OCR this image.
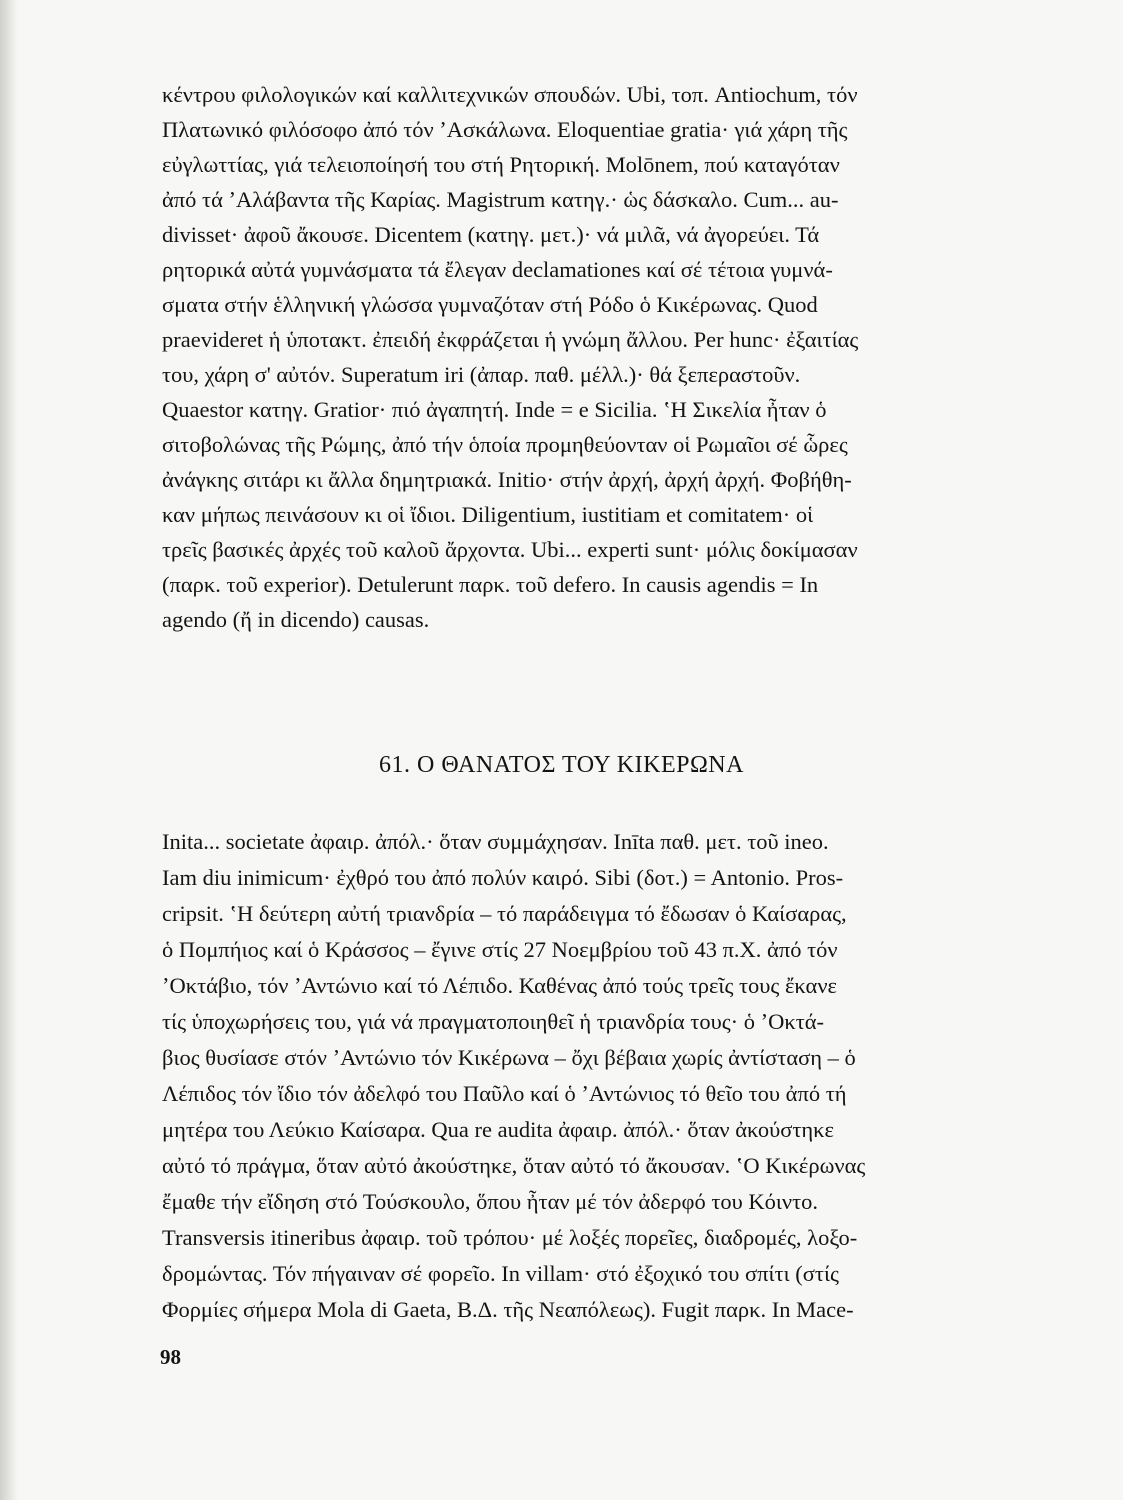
κέντρου φιλολογικών καί καλλιτεχνικών σπουδών. Ubi, τοπ. Antiochum, τόν
Πλατωνικό φιλόσοφο ἀπό τόν ʼΑσκάλωνα. Eloquentiae gratia· γιά χάρη τῆς
εὐγλωττίας, γιά τελειοποίησή του στή Ρητορική. Molōnem, πού καταγόταν
ἀπό τά ʼΑλάβαντα τῆς Καρίας. Magistrum κατηγ.· ὡς δάσκαλο. Cum... au-
divisset· ἀφοῦ ἄκουσε. Dicentem (κατηγ. μετ.)· νά μιλᾶ, νά ἀγορεύει. Τά
ρητορικά αὐτά γυμνάσματα τά ἔλεγαν declamationes καί σέ τέτοια γυμνά-
σματα στήν ἑλληνική γλώσσα γυμναζόταν στή Ρόδο ὁ Κικέρωνας. Quod
praevideret ἡ ὑποτακτ. ἐπειδή ἐκφράζεται ἡ γνώμη ἄλλου. Per hunc· ἐξαιτίας
του, χάρη σ' αὐτόν. Superatum iri (ἀπαρ. παθ. μέλλ.)· θά ξεπεραστοῦν.
Quaestor κατηγ. Gratior· πιό ἀγαπητή. Inde = e Sicilia. ʽΗ Σικελία ἦταν ὁ
σιτοβολώνας τῆς Ρώμης, ἀπό τήν ὁποία προμηθεύονταν οἱ Ρωμαῖοι σέ ὧρες
ἀνάγκης σιτάρι κι ἄλλα δημητριακά. Initio· στήν ἀρχή, ἀρχή ἀρχή. Φοβήθη-
καν μήπως πεινάσουν κι οἱ ἴδιοι. Diligentium, iustitiam et comitatem· οἱ
τρεῖς βασικές ἀρχές τοῦ καλοῦ ἄρχοντα. Ubi... experti sunt· μόλις δοκίμασαν
(παρκ. τοῦ experior). Detulerunt παρκ. τοῦ defero. In causis agendis = In
agendo (ἤ in dicendo) causas.
61. Ο ΘΑΝΑΤΟΣ ΤΟΥ ΚΙΚΕΡΩΝΑ
Inita... societate ἀφαιρ. ἀπόλ.· ὅταν συμμάχησαν. Inīta παθ. μετ. τοῦ ineo.
Iam diu inimicum· ἐχθρό του ἀπό πολύν καιρό. Sibi (δοτ.) = Antonio. Pros-
cripsit. ʽΗ δεύτερη αὐτή τριανδρία – τό παράδειγμα τό ἔδωσαν ὁ Καίσαρας,
ὁ Πομπήιος καί ὁ Κράσσος – ἔγινε στίς 27 Νοεμβρίου τοῦ 43 π.Χ. ἀπό τόν
ʼΟκτάβιο, τόν ʼΑντώνιο καί τό Λέπιδο. Καθένας ἀπό τούς τρεῖς τους ἔκανε
τίς ὑποχωρήσεις του, γιά νά πραγματοποιηθεῖ ἡ τριανδρία τους· ὁ ʼΟκτά-
βιος θυσίασε στόν ʼΑντώνιο τόν Κικέρωνα – ὄχι βέβαια χωρίς ἀντίσταση – ὁ
Λέπιδος τόν ἴδιο τόν ἀδελφό του Παῦλο καί ὁ ʼΑντώνιος τό θεῖο του ἀπό τή
μητέρα του Λεύκιο Καίσαρα. Qua re audita ἀφαιρ. ἀπόλ.· ὅταν ἀκούστηκε
αὐτό τό πράγμα, ὅταν αὐτό ἀκούστηκε, ὅταν αὐτό τό ἄκουσαν. ʽΟ Κικέρωνας
ἔμαθε τήν εἴδηση στό Τούσκουλο, ὅπου ἦταν μέ τόν ἀδερφό του Κόιντο.
Transversis itineribus ἀφαιρ. τοῦ τρόπου· μέ λοξές πορεῖες, διαδρομές, λοξο-
δρομώντας. Τόν πήγαιναν σέ φορεῖο. In villam· στό ἐξοχικό του σπίτι (στίς
Φορμίες σήμερα Mola di Gaeta, Β.Δ. τῆς Νεαπόλεως). Fugit παρκ. In Mace-
98
